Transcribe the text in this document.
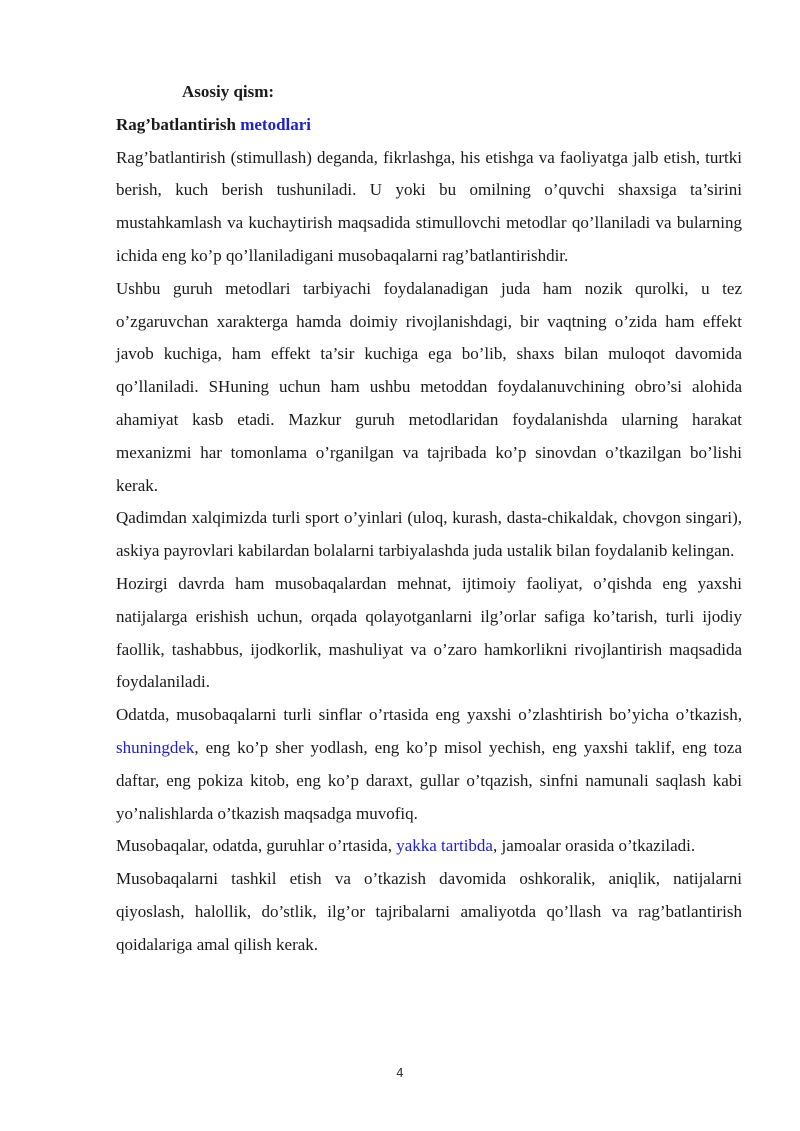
Asosiy qism:
Rag’batlantirish metodlari

Rag’batlantirish (stimullash) deganda, fikrlashga, his etishga va faoliyatga jalb etish, turtki berish, kuch berish tushuniladi. U yoki bu omilning o’quvchi shaxsiga ta’sirini mustahkamlash va kuchaytirish maqsadida stimullovchi metodlar qo’llaniladi va bularning ichida eng ko’p qo’llaniladigani musobaqalarni rag’batlantirishdir.

Ushbu guruh metodlari tarbiyachi foydalanadigan juda ham nozik qurolki, u tez o’zgaruvchan xarakterga hamda doimiy rivojlanishdagi, bir vaqtning o’zida ham effekt javob kuchiga, ham effekt ta’sir kuchiga ega bo’lib, shaxs bilan muloqot davomida qo’llaniladi. SHuning uchun ham ushbu metoddan foydalanuvchining obro’si alohida ahamiyat kasb etadi. Mazkur guruh metodlaridan foydalanishda ularning harakat mexanizmi har tomonlama o’rganilgan va tajribada ko’p sinovdan o’tkazilgan bo’lishi kerak.

Qadimdan xalqimizda turli sport o’yinlari (uloq, kurash, dasta-chikaldak, chovgon singari), askiya payrovlari kabilardan bolalarni tarbiyalashda juda ustalik bilan foydalanib kelingan.

Hozirgi davrda ham musobaqalardan mehnat, ijtimoiy faoliyat, o’qishda eng yaxshi natijalarga erishish uchun, orqada qolayotganlarni ilg’orlar safiga ko’tarish, turli ijodiy faollik, tashabbus, ijodkorlik, mashuliyat va o’zaro hamkorlikni rivojlantirish maqsadida foydalaniladi.

Odatda, musobaqalarni turli sinflar o’rtasida eng yaxshi o’zlashtirish bo’yicha o’tkazish, shuningdek, eng ko’p sher yodlash, eng ko’p misol yechish, eng yaxshi taklif, eng toza daftar, eng pokiza kitob, eng ko’p daraxt, gullar o’tqazish, sinfni namunali saqlash kabi yo’nalishlarda o’tkazish maqsadga muvofiq.

Musobaqalar, odatda, guruhlar o’rtasida, yakka tartibda, jamoalar orasida o’tkaziladi.

Musobaqalarni tashkil etish va o’tkazish davomida oshkoralik, aniqlik, natijalarni qiyoslash, halollik, do’stlik, ilg’or tajribalarni amaliyotda qo’llash va rag’batlantirish qoidalariga amal qilish kerak.

4
